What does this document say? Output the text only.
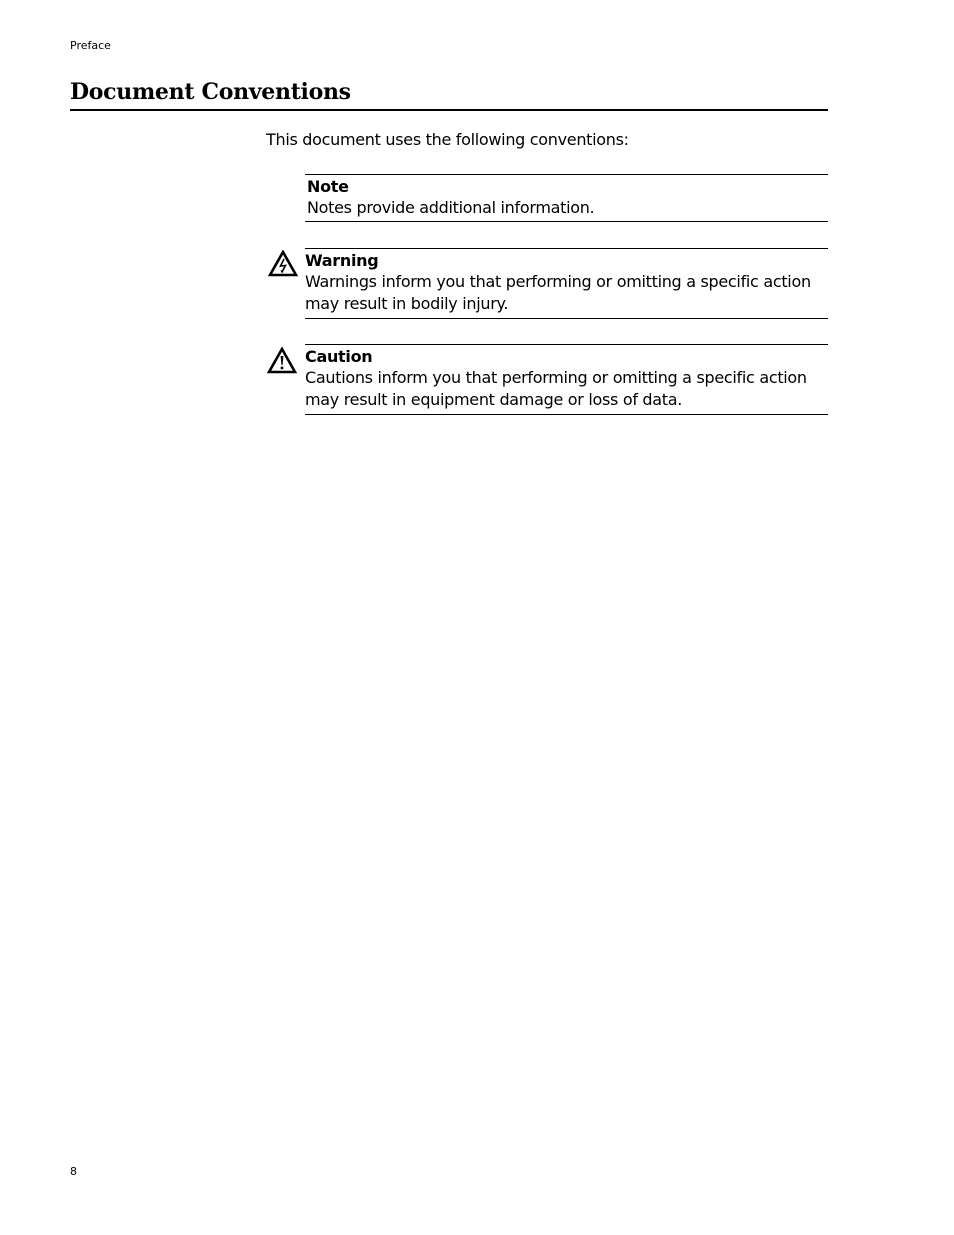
Preface
Document Conventions
This document uses the following conventions:
Note
Notes provide additional information.
Warning
Warnings inform you that performing or omitting a specific action may result in bodily injury.
Caution
Cautions inform you that performing or omitting a specific action may result in equipment damage or loss of data.
8
